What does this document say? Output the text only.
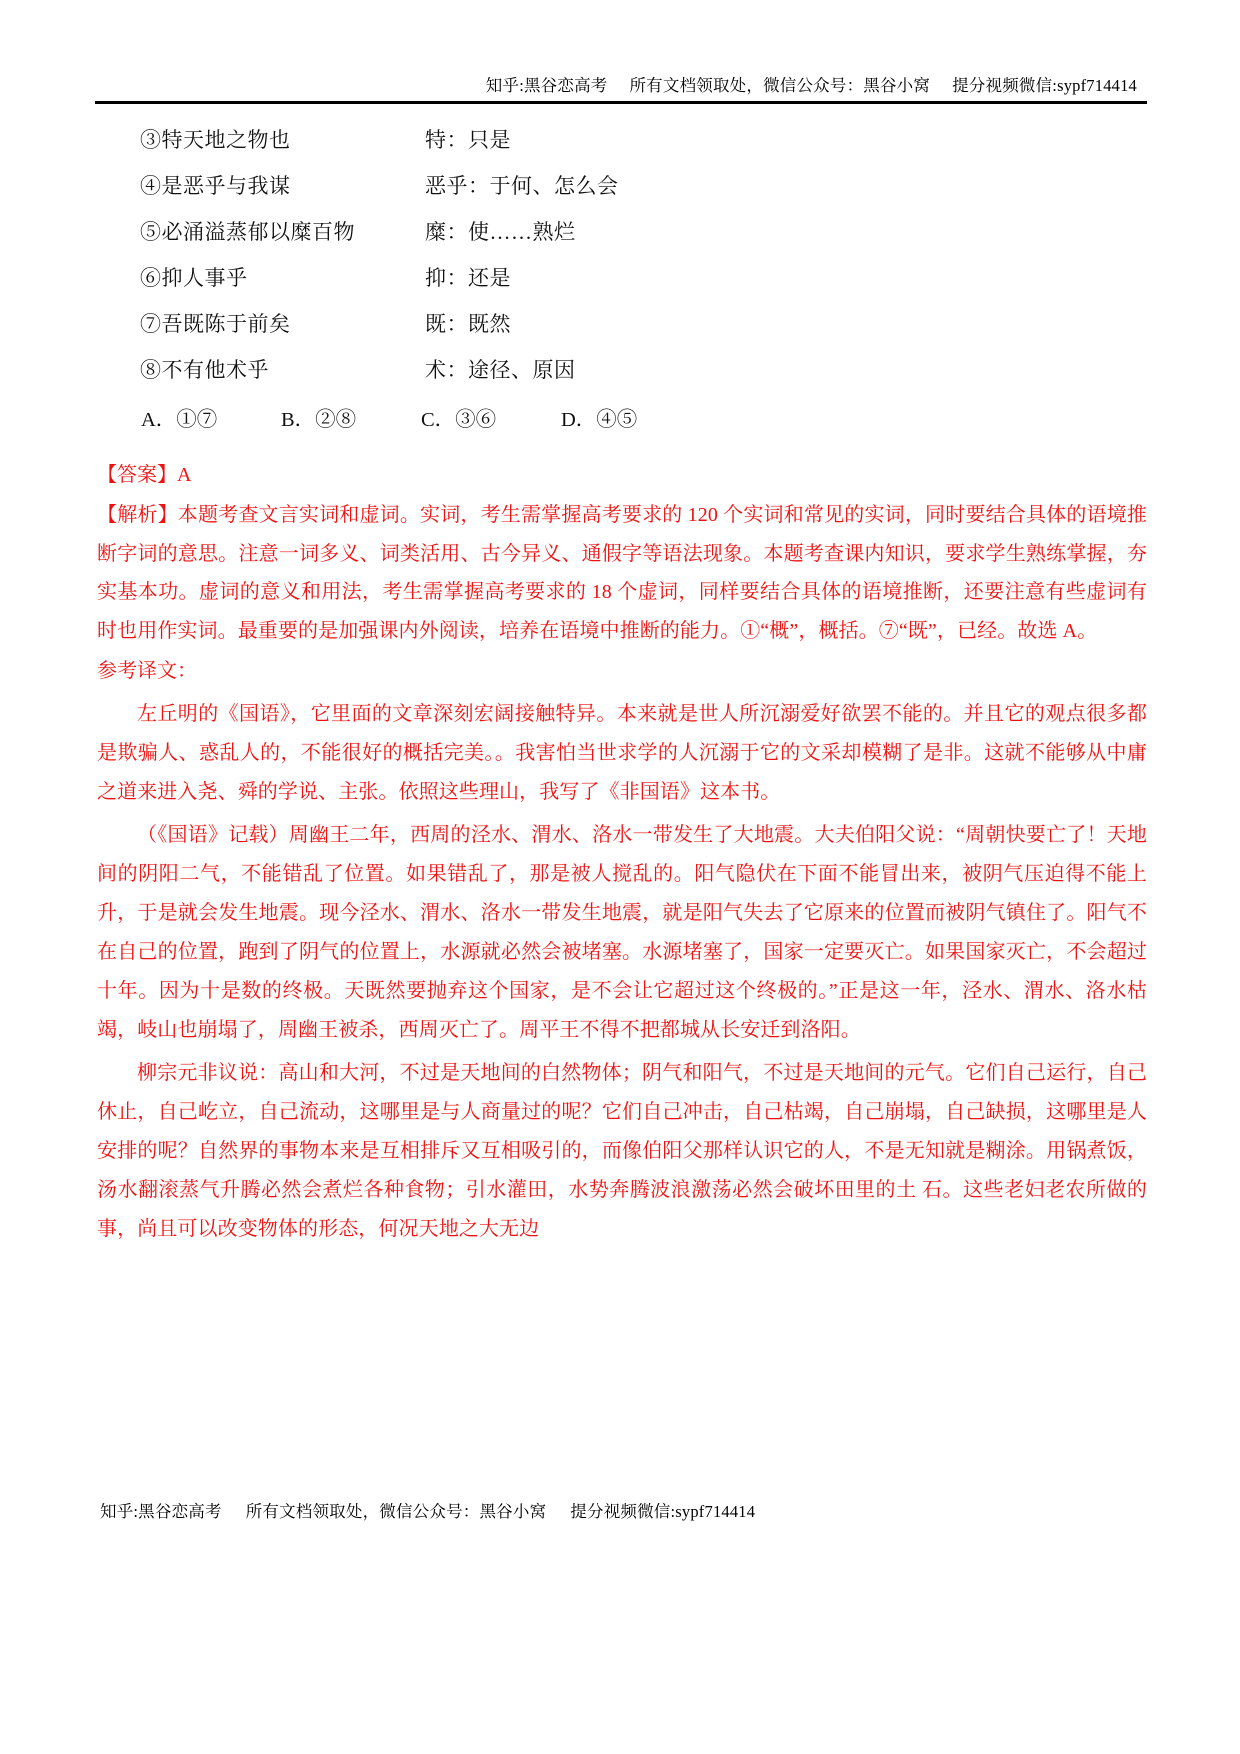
知乎:黑谷恋高考 所有文档领取处，微信公众号：黑谷小窝 提分视频微信:sypf714414
③特天地之物也	特：只是
④是恶乎与我谋	恶乎：于何、怎么会
⑤必涌溢蒸郁以糜百物	糜：使……熟烂
⑥抑人事乎	抑：还是
⑦吾既陈于前矣	既：既然
⑧不有他术乎	术：途径、原因
A．①⑦	B．②⑧	C．③⑥	D．④⑤
【答案】A
【解析】本题考查文言实词和虚词。实词，考生需掌握高考要求的 120 个实词和常见的实词，同时要结合具体的语境推断字词的意思。注意一词多义、词类活用、古今异义、通假字等语法现象。本题考查课内知识，要求学生熟练掌握，夯实基本功。虚词的意义和用法，考生需掌握高考要求的 18 个虚词，同样要结合具体的语境推断，还要注意有些虚词有时也用作实词。最重要的是加强课内外阅读，培养在语境中推断的能力。①“概”，概括。⑦“既”，已经。故选 A。
参考译文：
左丘明的《国语》，它里面的文章深刻宏阔接触特异。本来就是世人所沉溺爱好欲罢不能的。并且它的观点很多都是欺骗人、惑乱人的，不能很好的概括完美。。我害怕当世求学的人沉溺于它的文采却模糊了是非。这就不能够从中庸之道来进入尧、舜的学说、主张。依照这些理山，我写了《非国语》这本书。
（《国语》记载）周幽王二年，西周的泾水、渭水、洛水一带发生了大地震。大夫伯阳父说：“周朝快要亡了！天地间的阴阳二气，不能错乱了位置。如果错乱了，那是被人搅乱的。阳气隐伏在下面不能冒出来，被阴气压迫得不能上升，于是就会发生地震。现今泾水、渭水、洛水一带发生地震，就是阳气失去了它原来的位置而被阴气镇住了。阳气不在自己的位置，跑到了阴气的位置上，水源就必然会被堵塞。水源堵塞了，国家一定要灭亡。如果国家灭亡，不会超过十年。因为十是数的终极。天既然要抛弃这个国家，是不会让它超过这个终极的。”正是这一年，泾水、渭水、洛水枯竭，岐山也崩塌了，周幽王被杀，西周灭亡了。周平王不得不把都城从长安迁到洛阳。
柳宗元非议说：高山和大河，不过是天地间的白然物体；阴气和阳气，不过是天地间的元气。它们自己运行，自己休止，自己屹立，自己流动，这哪里是与人商量过的呢？它们自己冲击，自己枯竭，自己崩塌，自己缺损，这哪里是人安排的呢？自然界的事物本来是互相排斥又互相吸引的，而像伯阳父那样认识它的人，不是无知就是糊涂。用锅煮饭，汤水翻滚蒸气升腾必然会煮烂各种食物；引水灌田，水势奔腾波浪激荡必然会破坏田里的土 石。这些老妇老农所做的事，尚且可以改变物体的形态，何况天地之大无边
知乎:黑谷恋高考 所有文档领取处，微信公众号：黑谷小窝 提分视频微信:sypf714414
